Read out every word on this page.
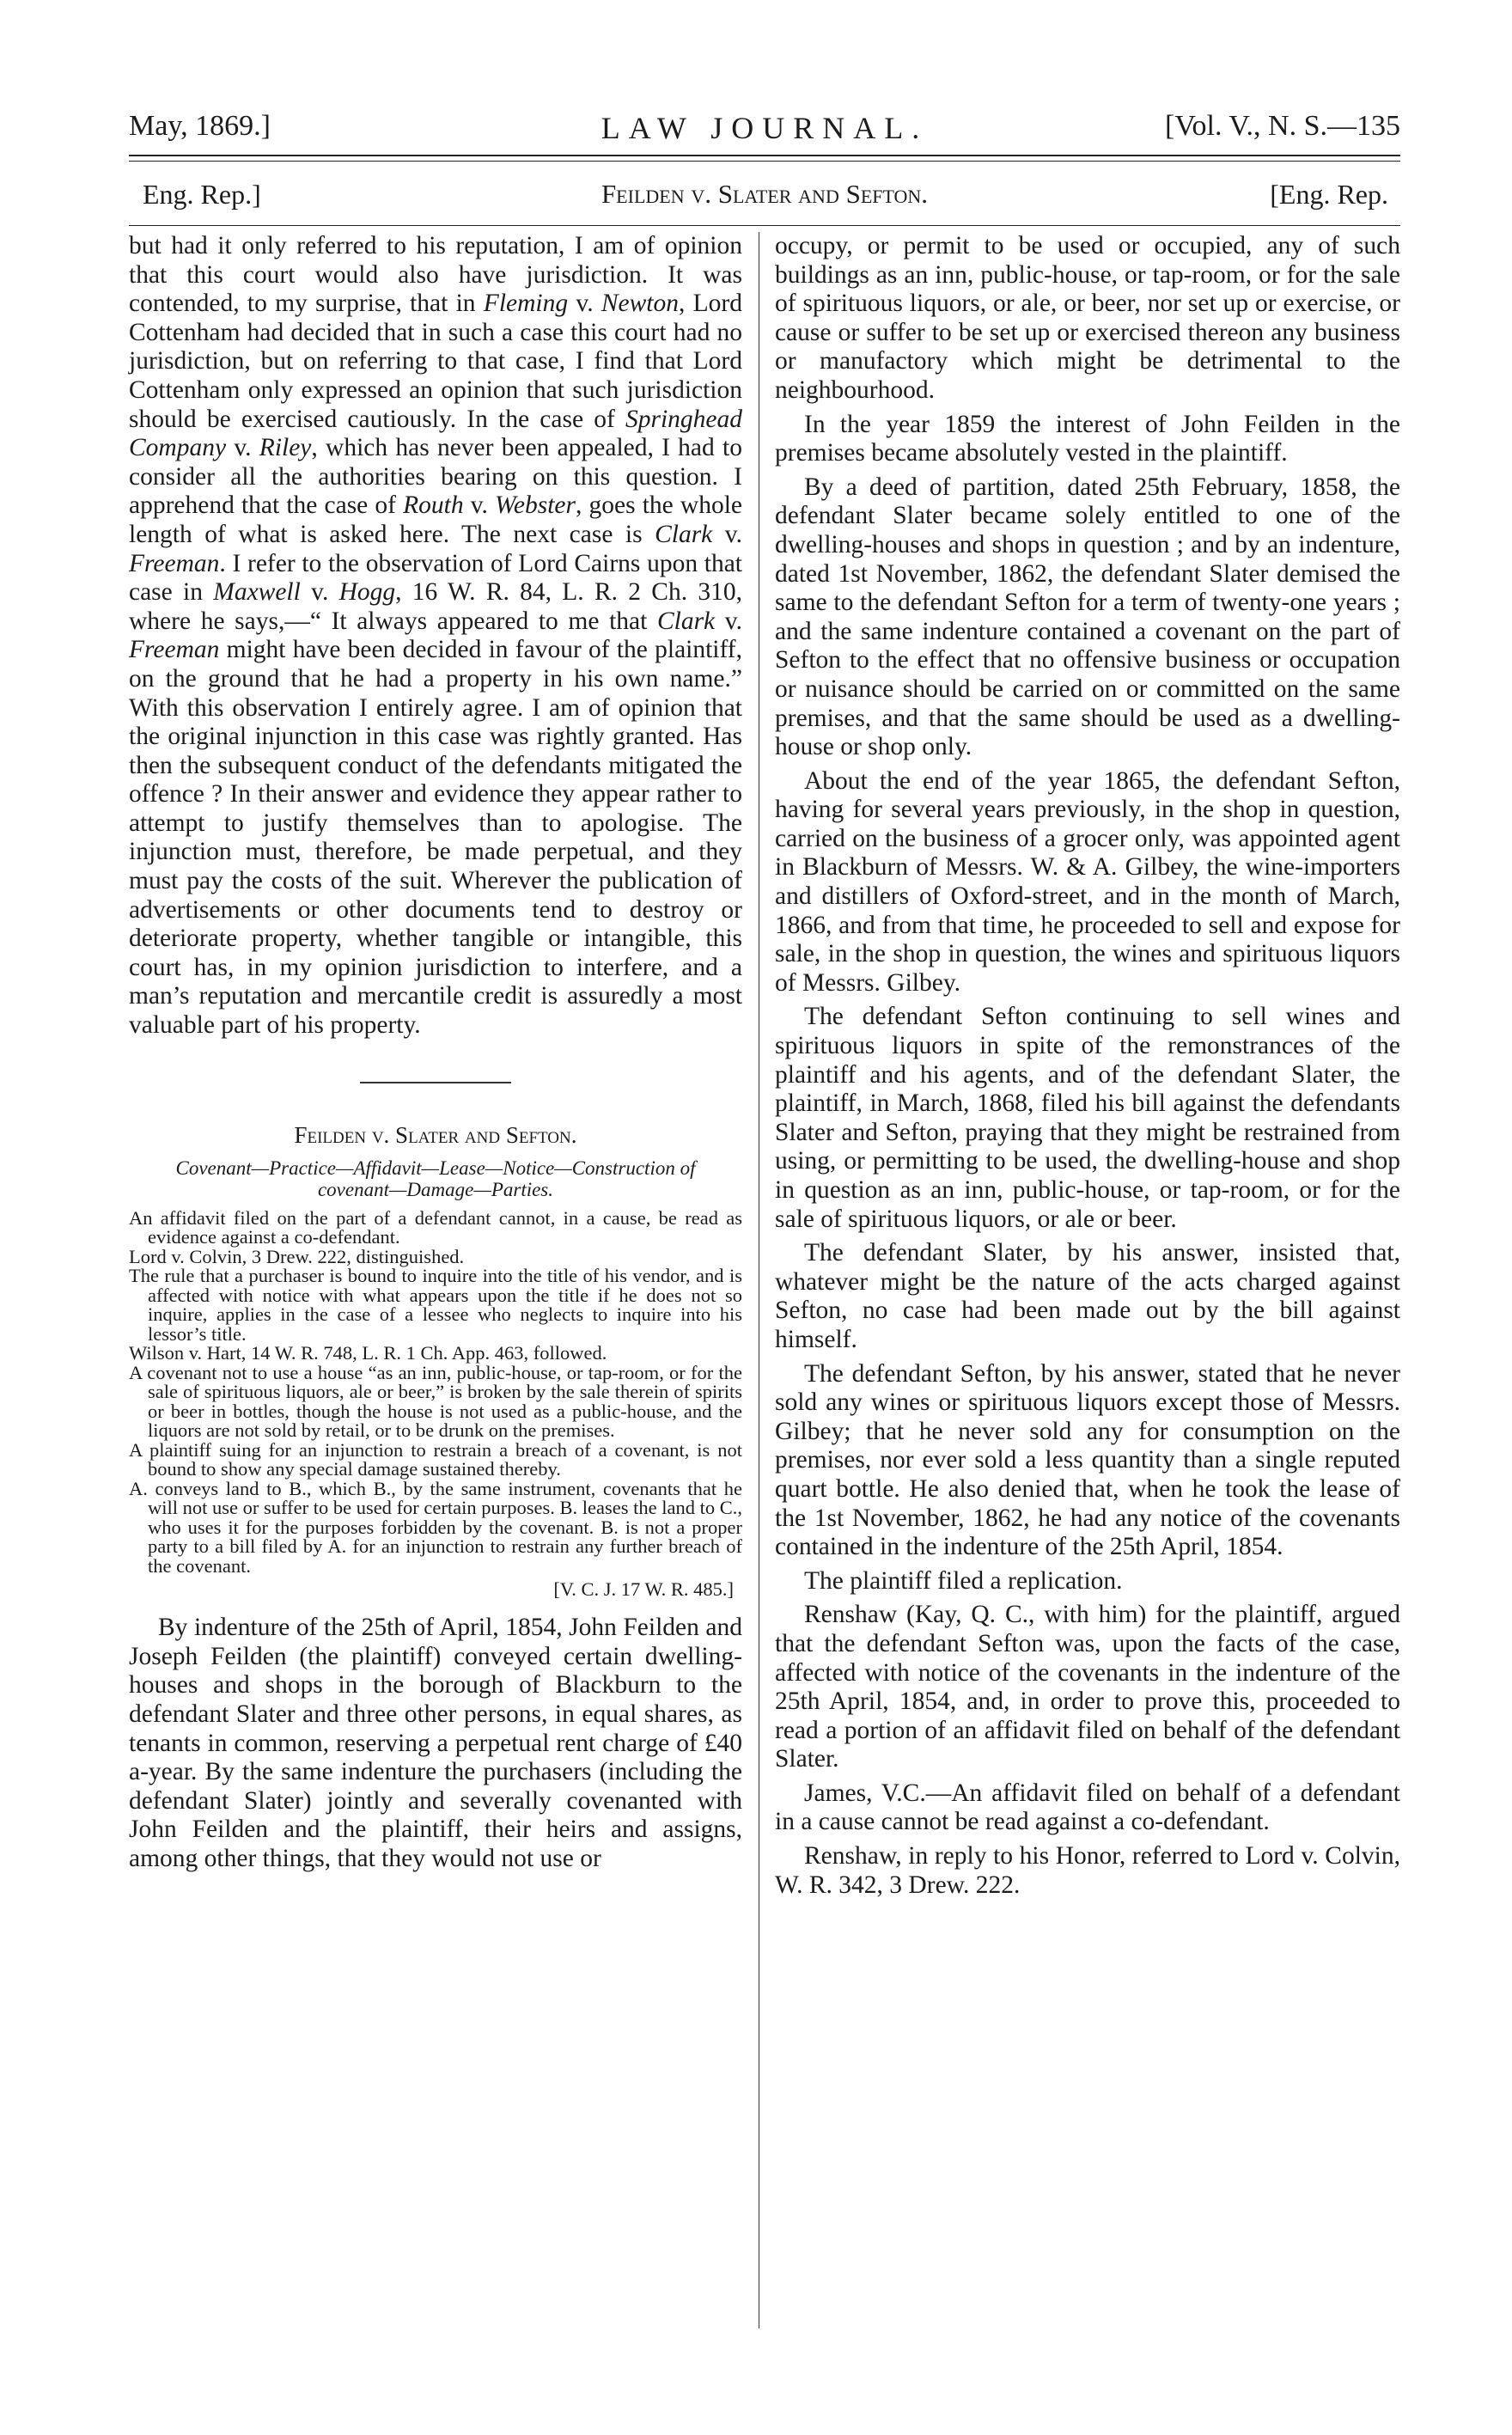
May, 1869.]	LAW JOURNAL.	[Vol. V., N. S.—135
Eng. Rep.]	Feilden v. Slater and Sefton.	[Eng. Rep.

but had it only referred to his reputation, I am of opinion that this court would also have jurisdiction. It was contended, to my surprise, that in Fleming v. Newton, Lord Cottenham had decided that in such a case this court had no jurisdiction, but on referring to that case, I find that Lord Cottenham only expressed an opinion that such jurisdiction should be exercised cautiously. In the case of Springhead Company v. Riley, which has never been appealed, I had to consider all the authorities bearing on this question. I apprehend that the case of Routh v. Webster, goes the whole length of what is asked here. The next case is Clark v. Freeman. I refer to the observation of Lord Cairns upon that case in Maxwell v. Hogg, 16 W. R. 84, L. R. 2 Ch. 310, where he says,—“ It always appeared to me that Clark v. Freeman might have been decided in favour of the plaintiff, on the ground that he had a property in his own name.” With this observation I entirely agree. I am of opinion that the original injunction in this case was rightly granted. Has then the subsequent conduct of the defendants mitigated the offence ? In their answer and evidence they appear rather to attempt to justify themselves than to apologise. The injunction must, therefore, be made perpetual, and they must pay the costs of the suit. Wherever the publication of advertisements or other documents tend to destroy or deteriorate property, whether tangible or intangible, this court has, in my opinion jurisdiction to interfere, and a man’s reputation and mercantile credit is assuredly a most valuable part of his property.

Feilden v. Slater and Sefton.

Covenant—Practice—Affidavit—Lease—Notice—Construction of covenant—Damage—Parties.

An affidavit filed on the part of a defendant cannot, in a cause, be read as evidence against a co-defendant.

Lord v. Colvin, 3 Drew. 222, distinguished.

The rule that a purchaser is bound to inquire into the title of his vendor, and is affected with notice with what appears upon the title if he does not so inquire, applies in the case of a lessee who neglects to inquire into his lessor’s title.

Wilson v. Hart, 14 W. R. 748, L. R. 1 Ch. App. 463, followed.

A covenant not to use a house “as an inn, public-house, or tap-room, or for the sale of spirituous liquors, ale or beer,” is broken by the sale therein of spirits or beer in bottles, though the house is not used as a public-house, and the liquors are not sold by retail, or to be drunk on the premises.

A plaintiff suing for an injunction to restrain a breach of a covenant, is not bound to show any special damage sustained thereby.

A. conveys land to B., which B., by the same instrument, covenants that he will not use or suffer to be used for certain purposes. B. leases the land to C., who uses it for the purposes forbidden by the covenant. B. is not a proper party to a bill filed by A. for an injunction to restrain any further breach of the covenant.

[V. C. J. 17 W. R. 485.]

By indenture of the 25th of April, 1854, John Feilden and Joseph Feilden (the plaintiff) conveyed certain dwelling-houses and shops in the borough of Blackburn to the defendant Slater and three other persons, in equal shares, as tenants in common, reserving a perpetual rent charge of £40 a-year. By the same indenture the purchasers (including the defendant Slater) jointly and severally covenanted with John Feilden and the plaintiff, their heirs and assigns, among other things, that they would not use or

occupy, or permit to be used or occupied, any of such buildings as an inn, public-house, or tap-room, or for the sale of spirituous liquors, or ale, or beer, nor set up or exercise, or cause or suffer to be set up or exercised thereon any business or manufactory which might be detrimental to the neighbourhood.

In the year 1859 the interest of John Feilden in the premises became absolutely vested in the plaintiff.

By a deed of partition, dated 25th February, 1858, the defendant Slater became solely entitled to one of the dwelling-houses and shops in question ; and by an indenture, dated 1st November, 1862, the defendant Slater demised the same to the defendant Sefton for a term of twenty-one years ; and the same indenture contained a covenant on the part of Sefton to the effect that no offensive business or occupation or nuisance should be carried on or committed on the same premises, and that the same should be used as a dwelling-house or shop only.

About the end of the year 1865, the defendant Sefton, having for several years previously, in the shop in question, carried on the business of a grocer only, was appointed agent in Blackburn of Messrs. W. & A. Gilbey, the wine-importers and distillers of Oxford-street, and in the month of March, 1866, and from that time, he proceeded to sell and expose for sale, in the shop in question, the wines and spirituous liquors of Messrs. Gilbey.

The defendant Sefton continuing to sell wines and spirituous liquors in spite of the remonstrances of the plaintiff and his agents, and of the defendant Slater, the plaintiff, in March, 1868, filed his bill against the defendants Slater and Sefton, praying that they might be restrained from using, or permitting to be used, the dwelling-house and shop in question as an inn, public-house, or tap-room, or for the sale of spirituous liquors, or ale or beer.

The defendant Slater, by his answer, insisted that, whatever might be the nature of the acts charged against Sefton, no case had been made out by the bill against himself.

The defendant Sefton, by his answer, stated that he never sold any wines or spirituous liquors except those of Messrs. Gilbey; that he never sold any for consumption on the premises, nor ever sold a less quantity than a single reputed quart bottle. He also denied that, when he took the lease of the 1st November, 1862, he had any notice of the covenants contained in the indenture of the 25th April, 1854.

The plaintiff filed a replication.

Renshaw (Kay, Q. C., with him) for the plaintiff, argued that the defendant Sefton was, upon the facts of the case, affected with notice of the covenants in the indenture of the 25th April, 1854, and, in order to prove this, proceeded to read a portion of an affidavit filed on behalf of the defendant Slater.

James, V.C.—An affidavit filed on behalf of a defendant in a cause cannot be read against a co-defendant.

Renshaw, in reply to his Honor, referred to Lord v. Colvin, W. R. 342, 3 Drew. 222.
